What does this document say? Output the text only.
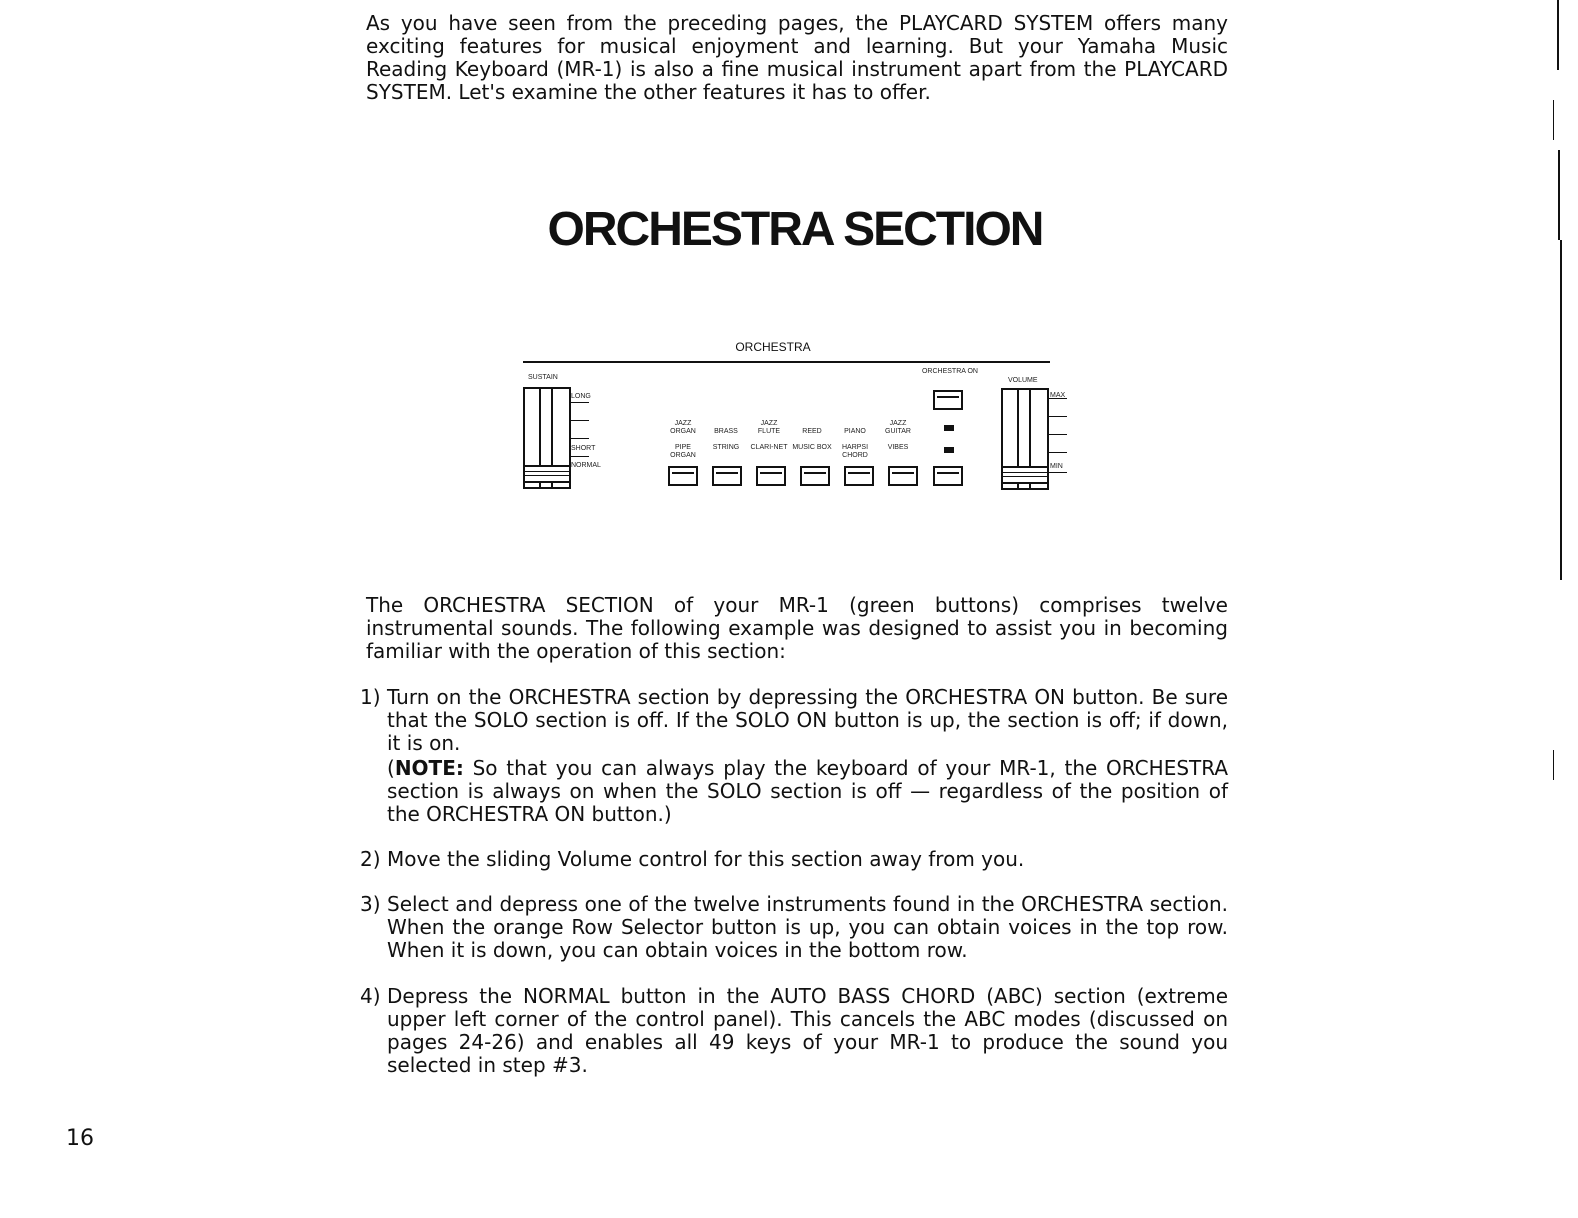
As you have seen from the preceding pages, the PLAYCARD SYSTEM offers many exciting features for musical enjoyment and learning. But your Yamaha Music Reading Keyboard (MR-1) is also a fine musical instrument apart from the PLAYCARD SYSTEM. Let's examine the other features it has to offer.

ORCHESTRA SECTION
ORCHESTRA
SUSTAIN
LONG
SHORT
NORMAL
JAZZ ORGAN
PIPE ORGAN
BRASS
STRING
JAZZ FLUTE
CLARI-NET
REED
MUSIC BOX
PIANO
HARPSI CHORD
JAZZ GUITAR
VIBES
ORCHESTRA ON
VOLUME
MAX
MIN

The ORCHESTRA SECTION of your MR-1 (green buttons) comprises twelve instrumental sounds. The following example was designed to assist you in becoming familiar with the operation of this section:

1) Turn on the ORCHESTRA section by depressing the ORCHESTRA ON button. Be sure that the SOLO section is off. If the SOLO ON button is up, the section is off; if down, it is on.

(NOTE: So that you can always play the keyboard of your MR-1, the ORCHESTRA section is always on when the SOLO section is off — regardless of the position of the ORCHESTRA ON button.)

2) Move the sliding Volume control for this section away from you.

3) Select and depress one of the twelve instruments found in the ORCHESTRA section. When the orange Row Selector button is up, you can obtain voices in the top row. When it is down, you can obtain voices in the bottom row.

4) Depress the NORMAL button in the AUTO BASS CHORD (ABC) section (extreme upper left corner of the control panel). This cancels the ABC modes (discussed on pages 24-26) and enables all 49 keys of your MR-1 to produce the sound you selected in step #3.

16
